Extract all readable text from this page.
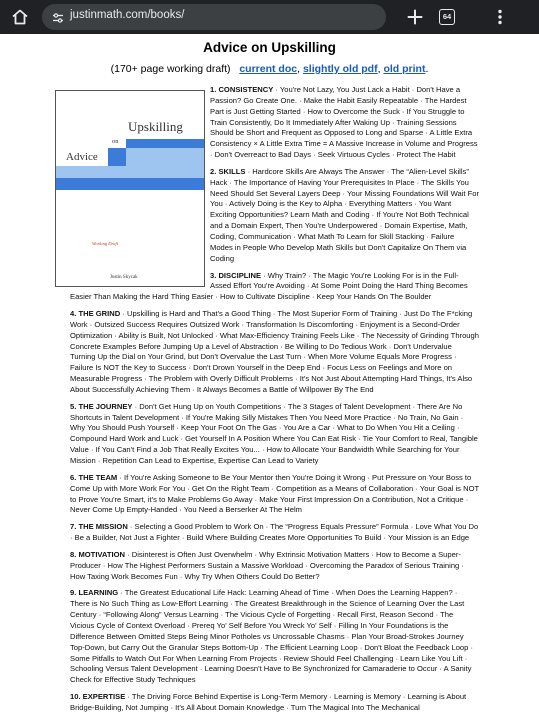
justinmath.com/books/	64
Advice on Upskilling
(170+ page working draft) current doc, slightly old pdf, old print.
Upskilling
on
Advice
Working Draft
Justin Skycak

1. CONSISTENCY · You're Not Lazy, You Just Lack a Habit · Don't Have a Passion? Go Create One. · Make the Habit Easily Repeatable · The Hardest Part is Just Getting Started · How to Overcome the Suck · If You Struggle to Train Consistently, Do It Immediately After Waking Up · Training Sessions Should be Short and Frequent as Opposed to Long and Sparse · A Little Extra Consistency × A Little Extra Time = A Massive Increase in Volume and Progress · Don't Overreact to Bad Days · Seek Virtuous Cycles · Protect The Habit

2. SKILLS · Hardcore Skills Are Always The Answer · The “Alien-Level Skills” Hack · The Importance of Having Your Prerequisites In Place · The Skills You Need Should Set Several Layers Deep · Your Missing Foundations Will Wait For You · Actively Doing is the Key to Alpha · Everything Matters · You Want Exciting Opportunities? Learn Math and Coding · If You're Not Both Technical and a Domain Expert, Then You're Underpowered · Domain Expertise, Math, Coding, Communication · What Math To Learn for Skill Stacking · Failure Modes in People Who Develop Math Skills but Don't Capitalize On Them via Coding

3. DISCIPLINE · Why Train? · The Magic You're Looking For is in the Full-Assed Effort You're Avoiding · At Some Point Doing the Hard Thing Becomes Easier Than Making the Hard Thing Easier · How to Cultivate Discipline · Keep Your Hands On The Boulder

4. THE GRIND · Upskilling is Hard and That's a Good Thing · The Most Superior Form of Training · Just Do The F*cking Work · Outsized Success Requires Outsized Work · Transformation Is Discomforting · Enjoyment is a Second-Order Optimization · Ability is Built, Not Unlocked · What Max-Efficiency Training Feels Like · The Necessity of Grinding Through Concrete Examples Before Jumping Up a Level of Abstraction · Be Willing to Do Tedious Work · Don't Undervalue Turning Up the Dial on Your Grind, but Don't Overvalue the Last Turn · When More Volume Equals More Progress · Failure Is NOT the Key to Success · Don't Drown Yourself in the Deep End · Focus Less on Feelings and More on Measurable Progress · The Problem with Overly Difficult Problems · It's Not Just About Attempting Hard Things, It's Also About Successfully Achieving Them · It Always Becomes a Battle of Willpower By The End

5. THE JOURNEY · Don't Get Hung Up on Youth Competitions · The 3 Stages of Talent Development · There Are No Shortcuts in Talent Development · If You're Making Silly Mistakes Then You Need More Practice · No Train, No Gain · Why You Should Push Yourself · Keep Your Foot On The Gas · You Are a Car · What to Do When You Hit a Ceiling · Compound Hard Work and Luck · Get Yourself In A Position Where You Can Eat Risk · Tie Your Comfort to Real, Tangible Value · If You Can't Find a Job That Really Excites You... · How to Allocate Your Bandwidth While Searching for Your Mission · Repetition Can Lead to Expertise, Expertise Can Lead to Variety

6. THE TEAM · If You're Asking Someone to Be Your Mentor then You're Doing it Wrong · Put Pressure on Your Boss to Come Up with More Work For You · Get On the Right Team · Competition as a Means of Collaboration · Your Goal is NOT to Prove You're Smart, it's to Make Problems Go Away · Make Your First Impression On a Contribution, Not a Critique · Never Come Up Empty-Handed · You Need a Berserker At The Helm

7. THE MISSION · Selecting a Good Problem to Work On · The “Progress Equals Pressure” Formula · Love What You Do · Be a Builder, Not Just a Fighter · Build Where Building Creates More Opportunities To Build · Your Mission is an Edge

8. MOTIVATION · Disinterest is Often Just Overwhelm · Why Extrinsic Motivation Matters · How to Become a Super-Producer · How The Highest Performers Sustain a Massive Workload · Overcoming the Paradox of Serious Training · How Taxing Work Becomes Fun · Why Try When Others Could Do Better?

9. LEARNING · The Greatest Educational Life Hack: Learning Ahead of Time · When Does the Learning Happen? · There is No Such Thing as Low-Effort Learning · The Greatest Breakthrough in the Science of Learning Over the Last Century · “Following Along” Versus Learning · The Vicious Cycle of Forgetting · Recall First, Reason Second · The Vicious Cycle of Context Overload · Prereq Yo' Self Before You Wreck Yo' Self · Filling In Your Foundations is the Difference Between Omitted Steps Being Minor Potholes vs Uncrossable Chasms · Plan Your Broad-Strokes Journey Top-Down, but Carry Out the Granular Steps Bottom-Up · The Efficient Learning Loop · Don't Bloat the Feedback Loop · Some Pitfalls to Watch Out For When Learning From Projects · Review Should Feel Challenging · Learn Like You Lift · Schooling Versus Talent Development · Learning Doesn't Have to Be Synchronized for Camaraderie to Occur · A Sanity Check for Effective Study Techniques

10. EXPERTISE · The Driving Force Behind Expertise is Long-Term Memory · Learning is Memory · Learning is About Bridge-Building, Not Jumping · It's All About Domain Knowledge · Turn The Magical Into The Mechanical
